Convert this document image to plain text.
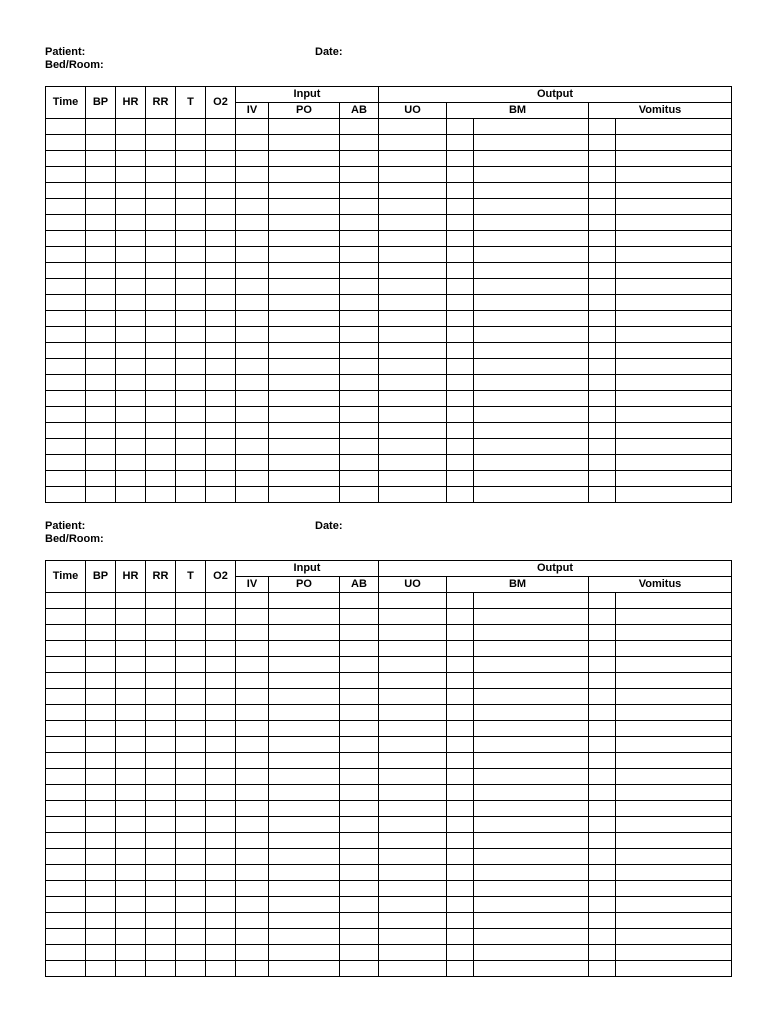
Patient:
Bed/Room:
Date:
Time	BP	HR	RR	T	O2	Input			Output				
						IV	PO	AB	UO	BM		Vomitus	

Patient:
Bed/Room:
Date:
Time	BP	HR	RR	T	O2	Input			Output				
						IV	PO	AB	UO	BM		Vomitus	
